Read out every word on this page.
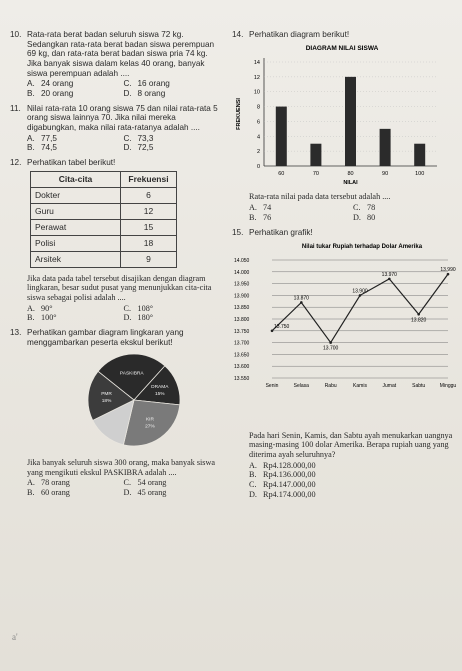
10. Rata-rata berat badan seluruh siswa 72 kg.
Sedangkan rata-rata berat badan siswa perempuan 69 kg, dan rata-rata berat badan siswa pria 74 kg. Jika banyak siswa dalam kelas 40 orang, banyak siswa perempuan adalah ....
A. 24 orang	C. 16 orang
B. 20 orang	D. 8 orang
11. Nilai rata-rata 10 orang siswa 75 dan nilai rata-rata 5 orang siswa lainnya 70. Jika nilai mereka digabungkan, maka nilai rata-ratanya adalah ....
A. 77,5	C. 73,3
B. 74,5	D. 72,5
12. Perhatikan tabel berikut!
Cita-cita	Frekuensi
Dokter	6
Guru	12
Perawat	15
Polisi	18
Arsitek	9
Jika data pada tabel tersebut disajikan dengan diagram lingkaran, besar sudut pusat yang menunjukkan cita-cita siswa sebagai polisi adalah ....
A. 90°	C. 108°
B. 100°	D. 180°
13. Perhatikan gambar diagram lingkaran yang menggambarkan peserta ekskul berikut!
PASKIBRA
DRAMA
15%
KIR
27%
PMR
18%
Jika banyak seluruh siswa 300 orang, maka banyak siswa yang mengikuti ekskul PASKIBRA adalah ....
A. 78 orang	C. 54 orang
B. 60 orang	D. 45 orang
14. Perhatikan diagram berikut!
DIAGRAM NILAI SISWA
0
2
4
6
8
10
12
14
FREKUENSI
60	70	80	90	100
NILAI
Rata-rata nilai pada data tersebut adalah ....
A. 74	C. 78
B. 76	D. 80
15. Perhatikan grafik!
Nilai tukar Rupiah terhadap Dolar Amerika
13.550
13.600
13.650
13.700
13.750
13.800
13.850
13.900
13.950
14.000
14.050
13.750
Senin
13.870
Selasa
13.700
Rabu
13.900
Kamis
13.970
Jumat
13.820
Sabtu
13.990
Minggu
Pada hari Senin, Kamis, dan Sabtu ayah menukarkan uangnya masing-masing 100 dolar Amerika. Berapa rupiah uang yang diterima ayah seluruhnya?
A. Rp4.128.000,00
B. Rp4.136.000,00
C. Rp4.147.000,00
D. Rp4.174.000,00
a'
